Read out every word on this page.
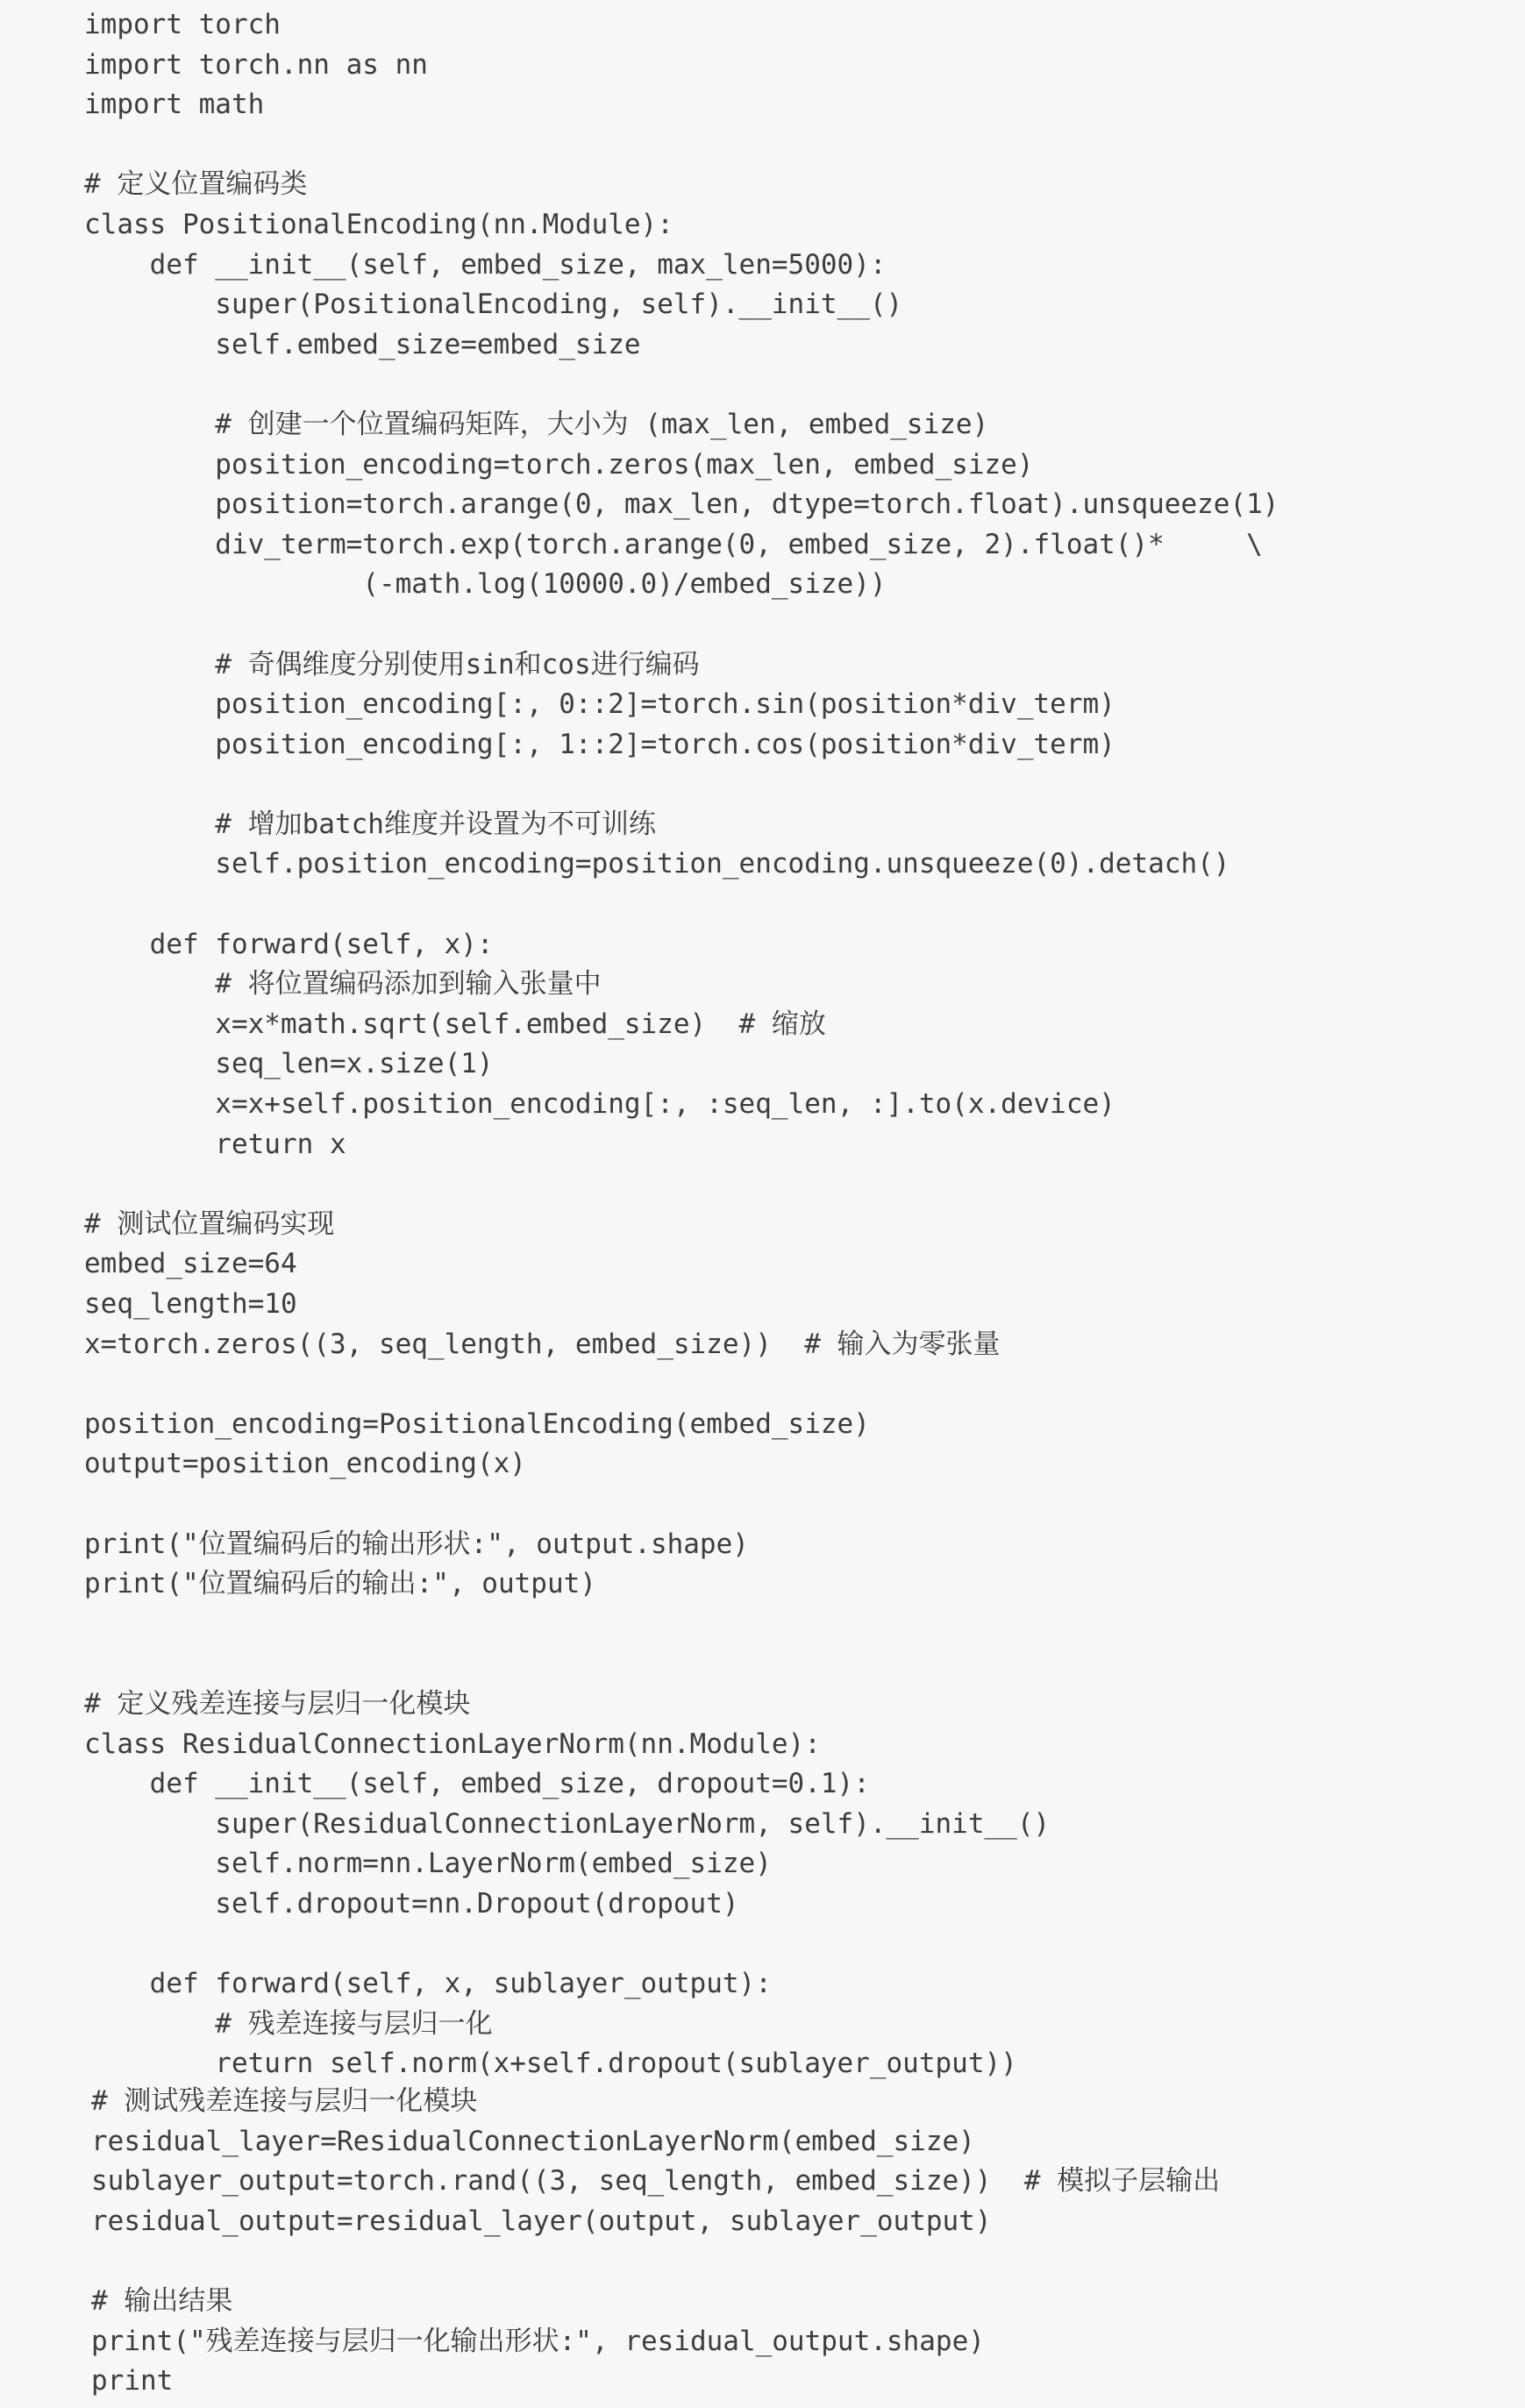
import torch
import torch.nn as nn
import math
# 定义位置编码类
class PositionalEncoding(nn.Module):
def __init__(self, embed_size, max_len=5000):
super(PositionalEncoding, self).__init__()
self.embed_size=embed_size
# 创建一个位置编码矩阵，大小为 (max_len, embed_size)
position_encoding=torch.zeros(max_len, embed_size)
position=torch.arange(0, max_len, dtype=torch.float).unsqueeze(1)
div_term=torch.exp(torch.arange(0, embed_size, 2).float()*     \
(-math.log(10000.0)/embed_size))
# 奇偶维度分别使用sin和cos进行编码
position_encoding[:, 0::2]=torch.sin(position*div_term)
position_encoding[:, 1::2]=torch.cos(position*div_term)
# 增加batch维度并设置为不可训练
self.position_encoding=position_encoding.unsqueeze(0).detach()
def forward(self, x):
# 将位置编码添加到输入张量中
x=x*math.sqrt(self.embed_size)  # 缩放
seq_len=x.size(1)
x=x+self.position_encoding[:, :seq_len, :].to(x.device)
return x
# 测试位置编码实现
embed_size=64
seq_length=10
x=torch.zeros((3, seq_length, embed_size))  # 输入为零张量
position_encoding=PositionalEncoding(embed_size)
output=position_encoding(x)
print("位置编码后的输出形状:", output.shape)
print("位置编码后的输出:", output)
# 定义残差连接与层归一化模块
class ResidualConnectionLayerNorm(nn.Module):
def __init__(self, embed_size, dropout=0.1):
super(ResidualConnectionLayerNorm, self).__init__()
self.norm=nn.LayerNorm(embed_size)
self.dropout=nn.Dropout(dropout)
def forward(self, x, sublayer_output):
# 残差连接与层归一化
return self.norm(x+self.dropout(sublayer_output))
# 测试残差连接与层归一化模块
residual_layer=ResidualConnectionLayerNorm(embed_size)
sublayer_output=torch.rand((3, seq_length, embed_size))  # 模拟子层输出
residual_output=residual_layer(output, sublayer_output)
# 输出结果
print("残差连接与层归一化输出形状:", residual_output.shape)
print
